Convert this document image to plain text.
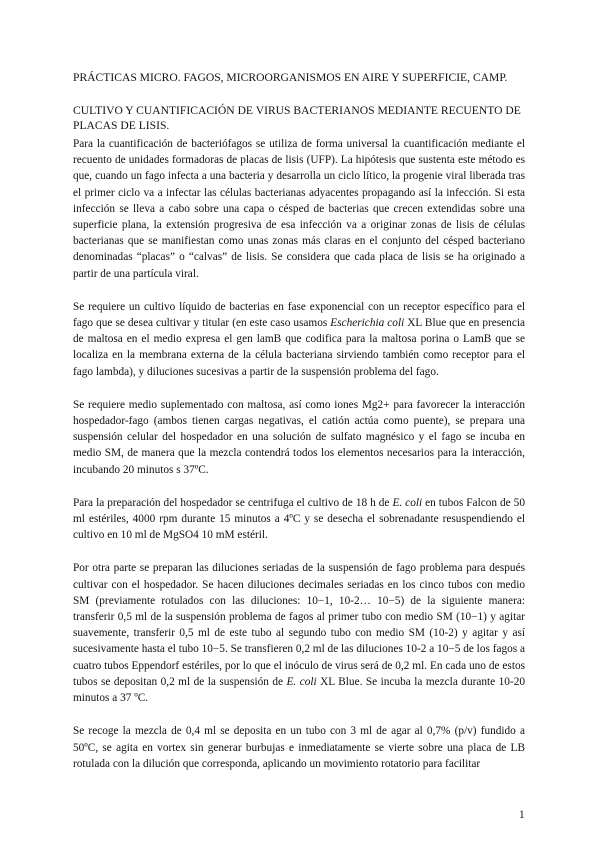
PRÁCTICAS MICRO. FAGOS, MICROORGANISMOS EN AIRE Y SUPERFICIE, CAMP.
CULTIVO Y CUANTIFICACIÓN DE VIRUS BACTERIANOS MEDIANTE RECUENTO DE PLACAS DE LISIS.

Para la cuantificación de bacteriófagos se utiliza de forma universal la cuantificación mediante el recuento de unidades formadoras de placas de lisis (UFP). La hipótesis que sustenta este método es que, cuando un fago infecta a una bacteria y desarrolla un ciclo lítico, la progenie viral liberada tras el primer ciclo va a infectar las células bacterianas adyacentes propagando así la infección. Si esta infección se lleva a cabo sobre una capa o césped de bacterias que crecen extendidas sobre una superficie plana, la extensión progresiva de esa infección va a originar zonas de lisis de células bacterianas que se manifiestan como unas zonas más claras en el conjunto del césped bacteriano denominadas “placas” o “calvas” de lisis. Se considera que cada placa de lisis se ha originado a partir de una partícula viral.

Se requiere un cultivo líquido de bacterias en fase exponencial con un receptor específico para el fago que se desea cultivar y titular (en este caso usamos Escherichia coli XL Blue que en presencia de maltosa en el medio expresa el gen lamB que codifica para la maltosa porina o LamB que se localiza en la membrana externa de la célula bacteriana sirviendo también como receptor para el fago lambda), y diluciones sucesivas a partir de la suspensión problema del fago.

Se requiere medio suplementado con maltosa, así como iones Mg2+ para favorecer la interacción hospedador-fago (ambos tienen cargas negativas, el catión actúa como puente), se prepara una suspensión celular del hospedador en una solución de sulfato magnésico y el fago se incuba en medio SM, de manera que la mezcla contendrá todos los elementos necesarios para la interacción, incubando 20 minutos s 37ºC.

Para la preparación del hospedador se centrifuga el cultivo de 18 h de E. coli en tubos Falcon de 50 ml estériles, 4000 rpm durante 15 minutos a 4ºC y se desecha el sobrenadante resuspendiendo el cultivo en 10 ml de MgSO4 10 mM estéril.

Por otra parte se preparan las diluciones seriadas de la suspensión de fago problema para después cultivar con el hospedador. Se hacen diluciones decimales seriadas en los cinco tubos con medio SM (previamente rotulados con las diluciones: 10−1, 10-2… 10−5) de la siguiente manera: transferir 0,5 ml de la suspensión problema de fagos al primer tubo con medio SM (10−1) y agitar suavemente, transferir 0,5 ml de este tubo al segundo tubo con medio SM (10-2) y agitar y así sucesivamente hasta el tubo 10−5. Se transfieren 0,2 ml de las diluciones 10-2 a 10−5 de los fagos a cuatro tubos Eppendorf estériles, por lo que el inóculo de virus será de 0,2 ml. En cada uno de estos tubos se depositan 0,2 ml de la suspensión de E. coli XL Blue. Se incuba la mezcla durante 10-20 minutos a 37 ºC.

Se recoge la mezcla de 0,4 ml se deposita en un tubo con 3 ml de agar al 0,7% (p/v) fundido a 50ºC, se agita en vortex sin generar burbujas e inmediatamente se vierte sobre una placa de LB rotulada con la dilución que corresponda, aplicando un movimiento rotatorio para facilitar

1
